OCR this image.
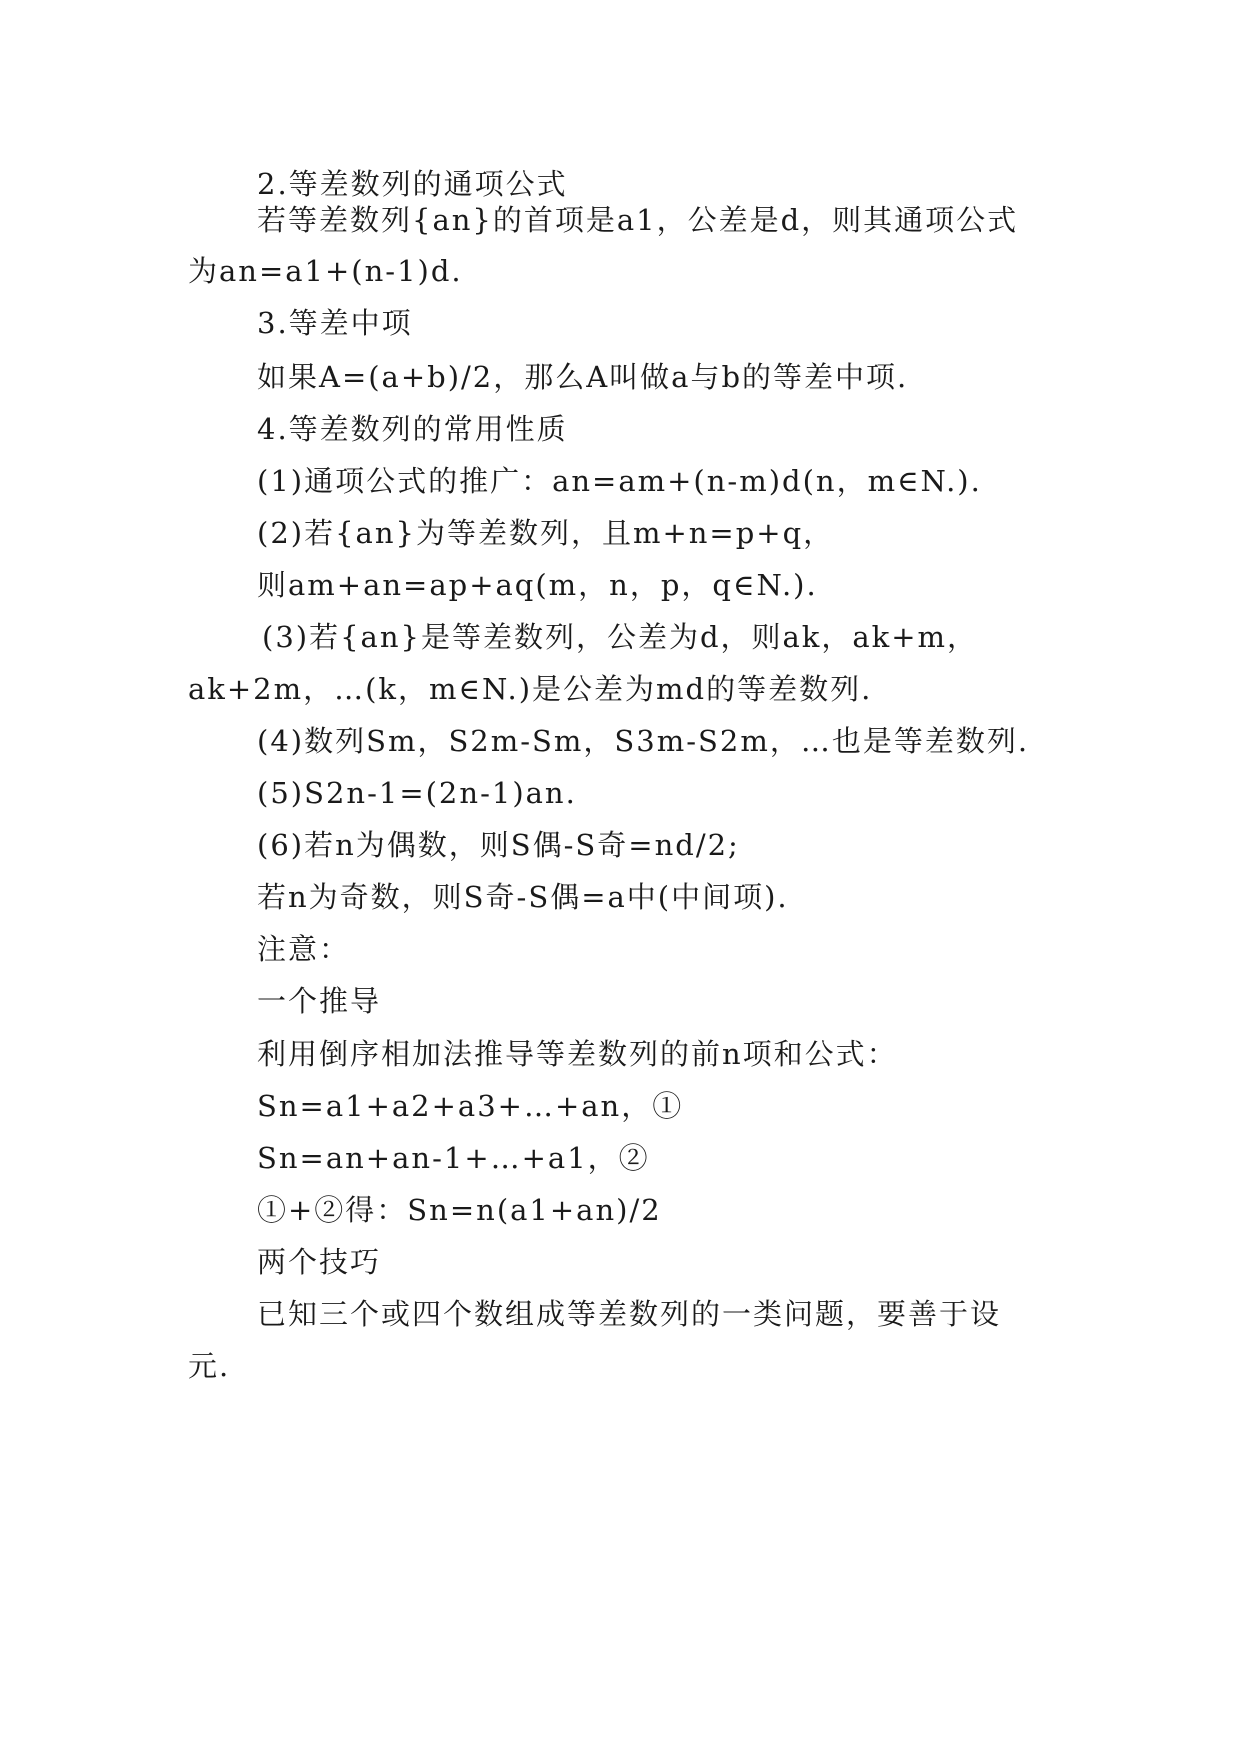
2.等差数列的通项公式
若等差数列{an}的首项是a1，公差是d，则其通项公式
为an=a1+(n-1)d.
3.等差中项
如果A=(a+b)/2，那么A叫做a与b的等差中项.
4.等差数列的常用性质
(1)通项公式的推广：an=am+(n-m)d(n，m∈N.).
(2)若{an}为等差数列，且m+n=p+q，
则am+an=ap+aq(m，n，p，q∈N.).
(3)若{an}是等差数列，公差为d，则ak，ak+m，
ak+2m，…(k，m∈N.)是公差为md的等差数列.
(4)数列Sm，S2m-Sm，S3m-S2m，…也是等差数列.
(5)S2n-1=(2n-1)an.
(6)若n为偶数，则S偶-S奇=nd/2;
若n为奇数，则S奇-S偶=a中(中间项).
注意：
一个推导
利用倒序相加法推导等差数列的前n项和公式：
Sn=a1+a2+a3+…+an，①
Sn=an+an-1+…+a1，②
①+②得：Sn=n(a1+an)/2
两个技巧
已知三个或四个数组成等差数列的一类问题，要善于设
元.
